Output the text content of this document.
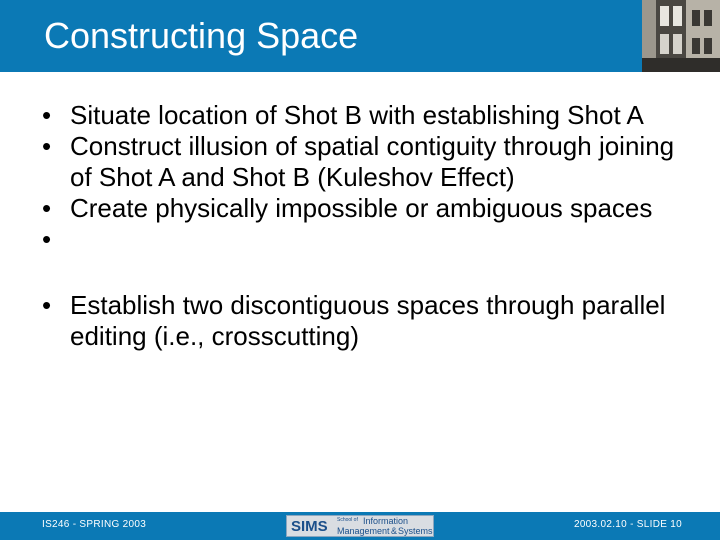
Constructing Space
• Situate location of Shot B with establishing Shot A
• Construct illusion of spatial contiguity through joining of Shot A and Shot B (Kuleshov Effect)
• Create physically impossible or ambiguous spaces
•
• Establish two discontiguous spaces through parallel editing (i.e., crosscutting)
IS246 - SPRING 2003	SIMS School of Information
Management & Systems
2003.02.10 - SLIDE 10
